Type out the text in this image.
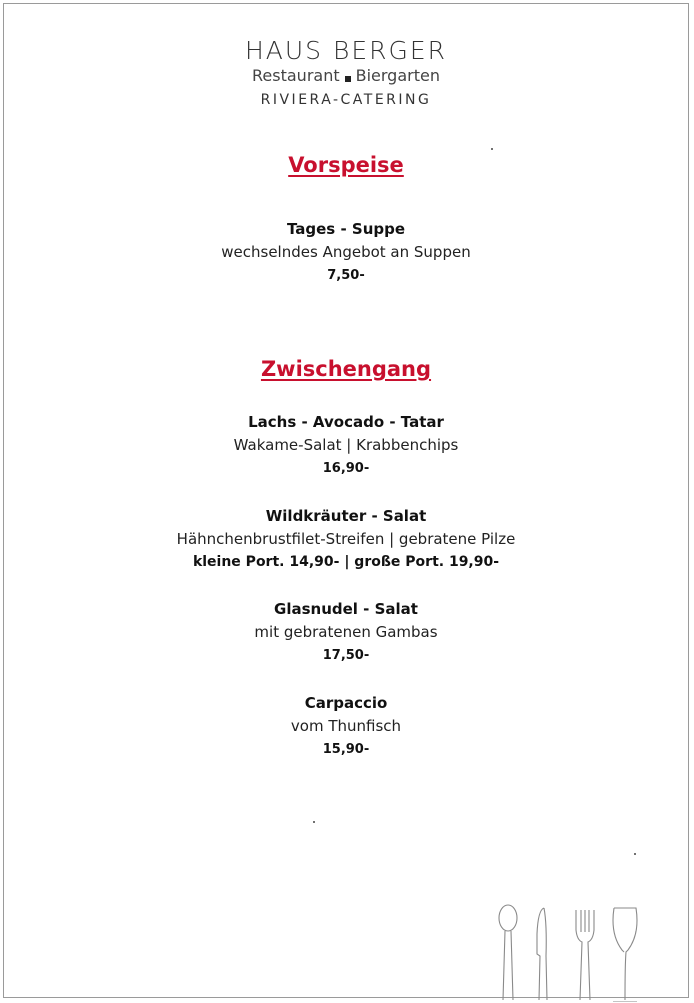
HAUS BERGER
Restaurant Biergarten
RIVIERA-CATERING
Vorspeise
Tages - Suppe
wechselndes Angebot an Suppen
7,50-
Zwischengang
Lachs - Avocado - Tatar
Wakame-Salat | Krabbenchips
16,90-
Wildkräuter - Salat
Hähnchenbrustfilet-Streifen | gebratene Pilze
kleine Port. 14,90- | große Port. 19,90-
Glasnudel - Salat
mit gebratenen Gambas
17,50-
Carpaccio
vom Thunfisch
15,90-
